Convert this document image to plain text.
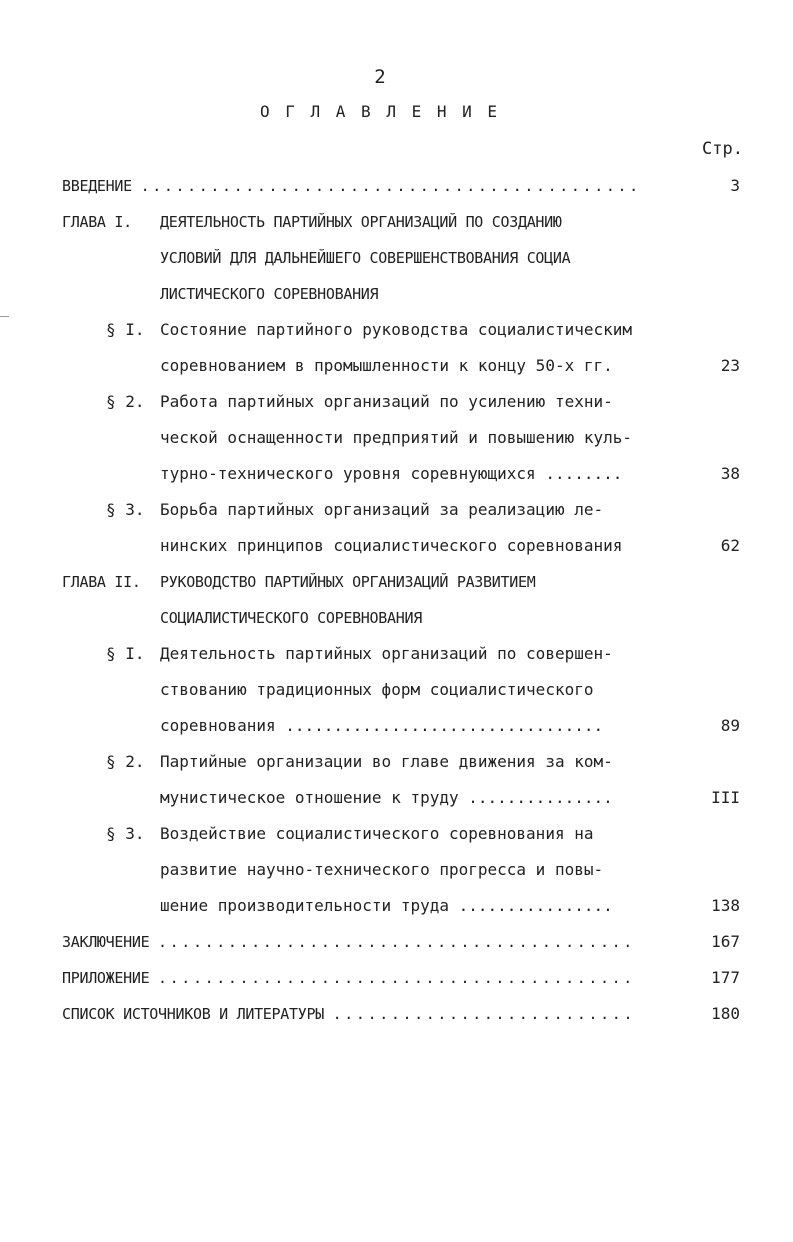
2
О Г Л А В Л Е Н И Е
Стр.
ВВЕДЕНИЕ ...........................................	3
ГЛАВА I. ДЕЯТЕЛЬНОСТЬ ПАРТИЙНЫХ ОРГАНИЗАЦИЙ ПО СОЗДАНИЮ
УСЛОВИЙ ДЛЯ ДАЛЬНЕЙШЕГО СОВЕРШЕНСТВОВАНИЯ СОЦИА
ЛИСТИЧЕСКОГО СОРЕВНОВАНИЯ
§ I. Состояние партийного руководства социалистическим
соревнованием в промышленности к концу 50-х гг.	23
§ 2. Работа партийных организаций по усилению техни-
ческой оснащенности предприятий и повышению куль-
турно-технического уровня соревнующихся ........	38
§ 3. Борьба партийных организаций за реализацию ле-
нинских принципов социалистического соревнования	62
ГЛАВА II. РУКОВОДСТВО ПАРТИЙНЫХ ОРГАНИЗАЦИЙ РАЗВИТИЕМ
СОЦИАЛИСТИЧЕСКОГО СОРЕВНОВАНИЯ
§ I. Деятельность партийных организаций по совершен-
ствованию традиционных форм социалистического
соревнования .................................	89
§ 2. Партийные организации во главе движения за ком-
мунистическое отношение к труду ...............	III
§ 3. Воздействие социалистического соревнования на
развитие научно-технического прогресса и повы-
шение производительности труда ................	138
ЗАКЛЮЧЕНИЕ .........................................	167
ПРИЛОЖЕНИЕ .........................................	177
СПИСОК ИСТОЧНИКОВ И ЛИТЕРАТУРЫ ..........................	180
